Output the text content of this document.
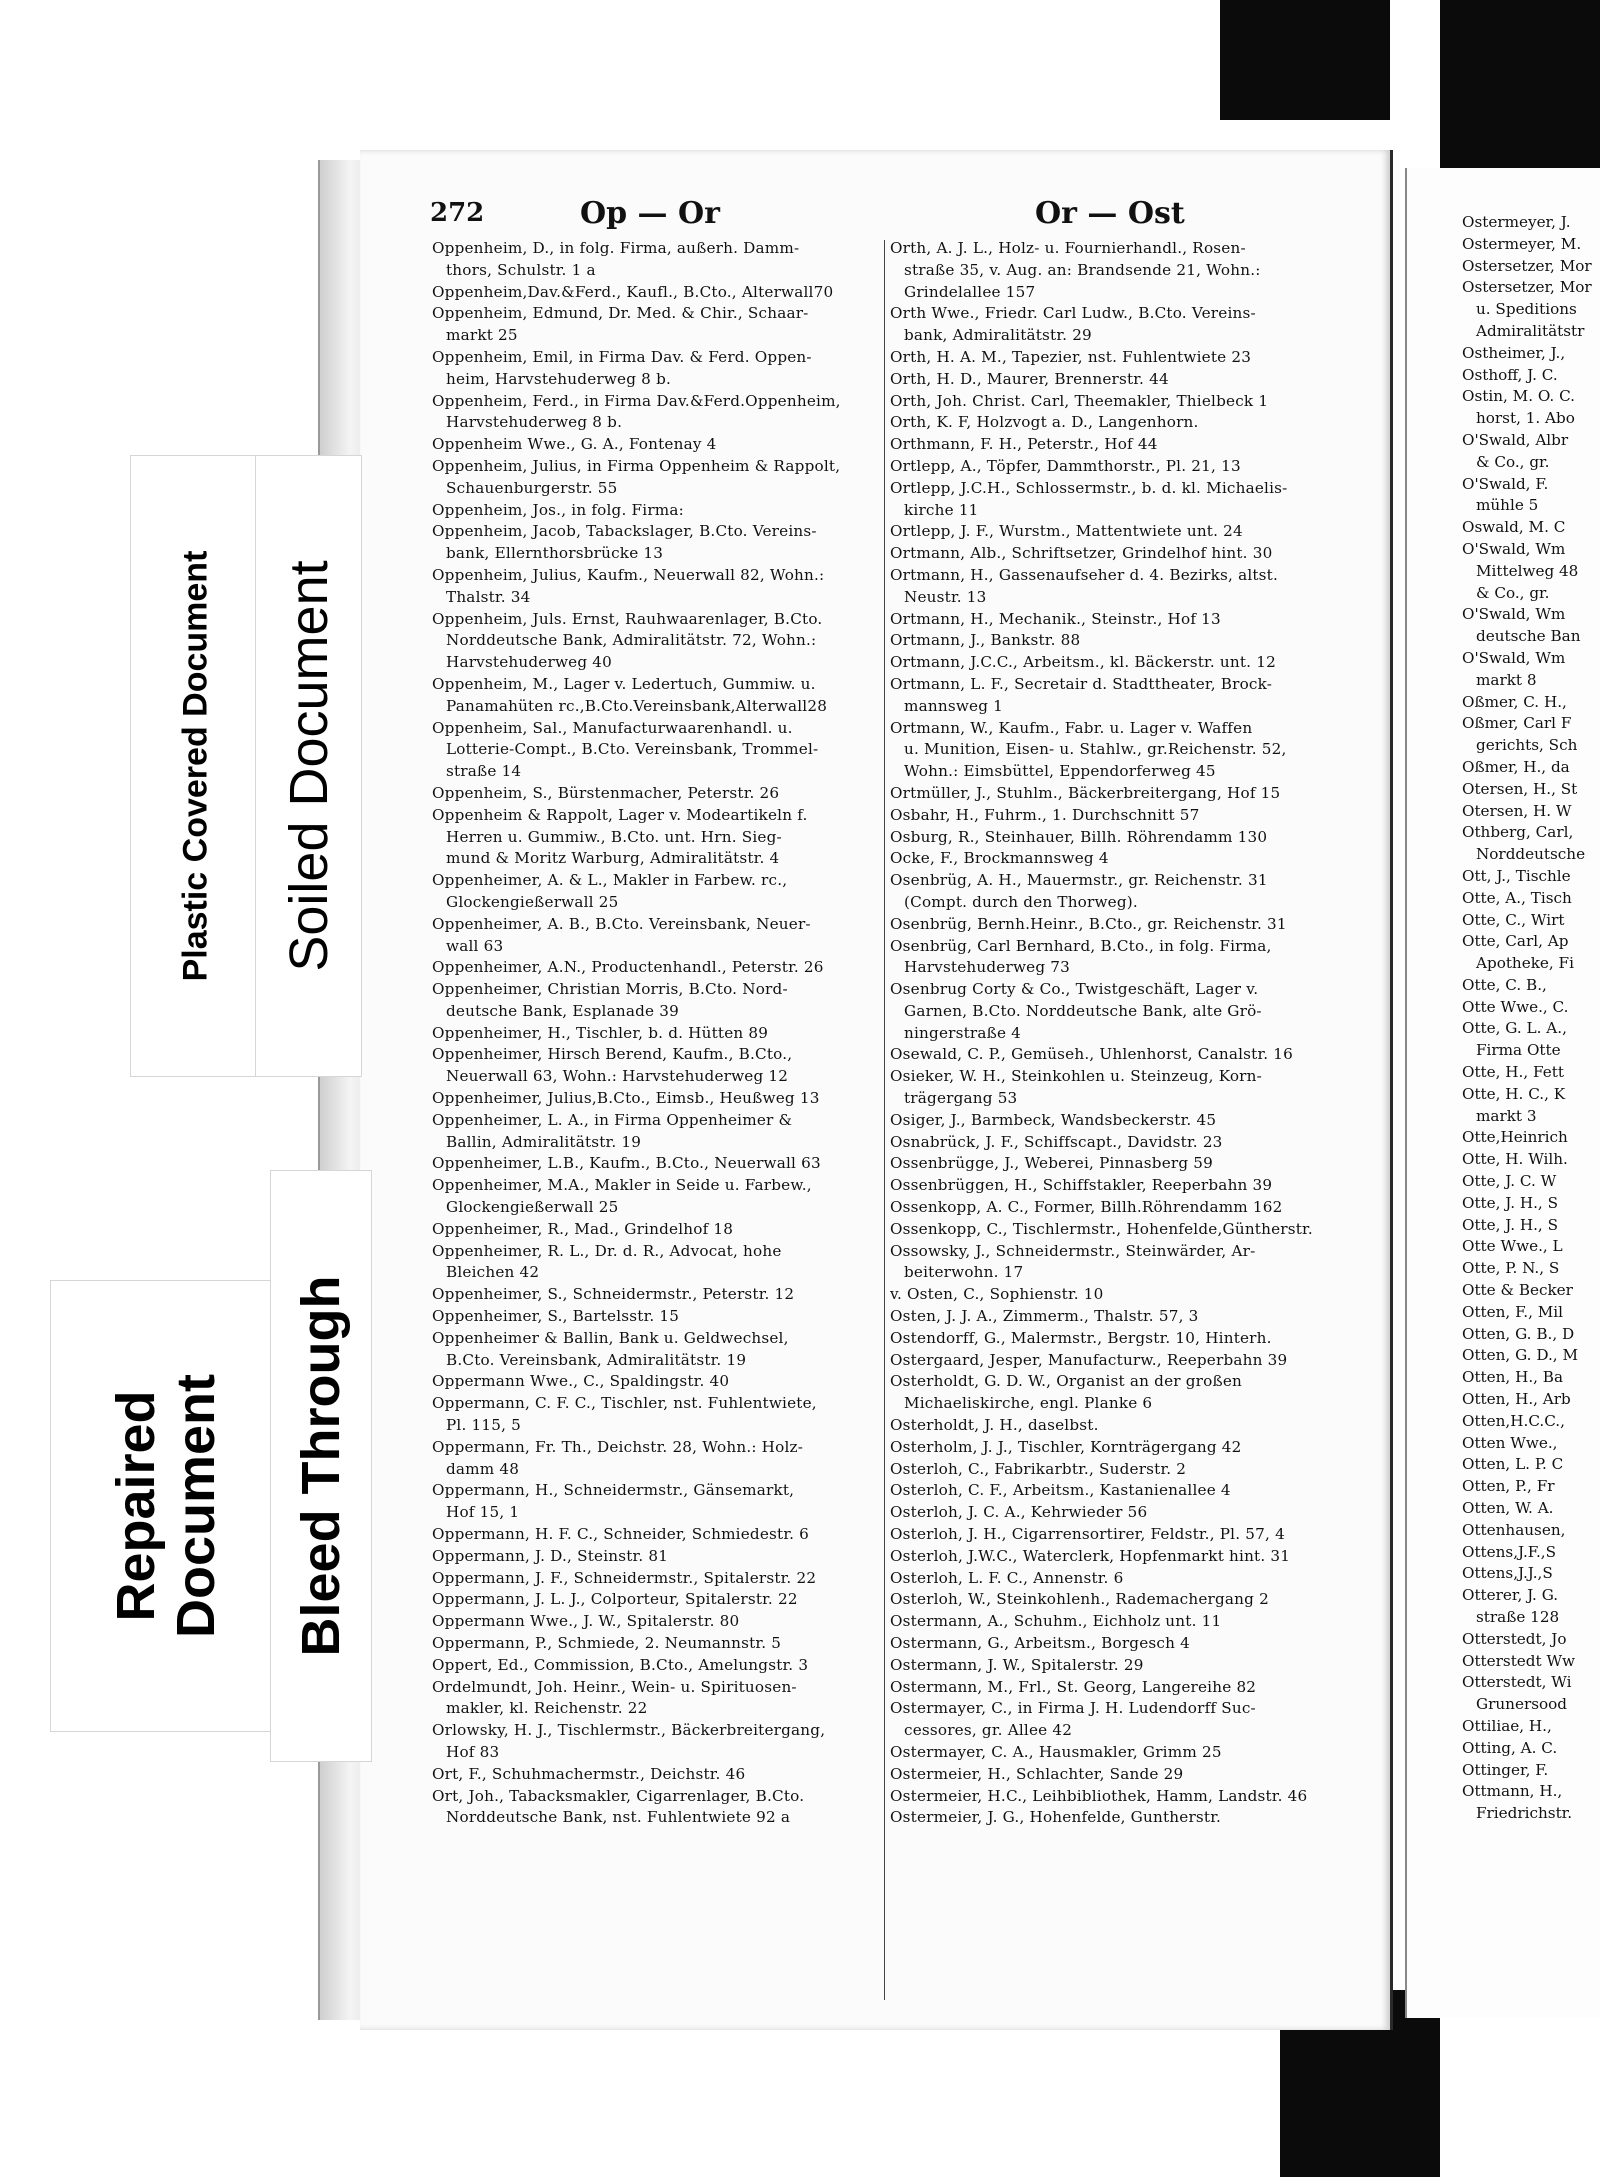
272	Op — Or	Or — Ost
Oppenheim, D., in folg. Firma, außerh. Damm-
thors, Schulstr. 1 a
Oppenheim,Dav.&Ferd., Kaufl., B.Cto., Alterwall70
Oppenheim, Edmund, Dr. Med. & Chir., Schaar-
markt 25
Oppenheim, Emil, in Firma Dav. & Ferd. Oppen-
heim, Harvstehuderweg 8 b.
Oppenheim, Ferd., in Firma Dav.&Ferd.Oppenheim,
Harvstehuderweg 8 b.
Oppenheim Wwe., G. A., Fontenay 4
Oppenheim, Julius, in Firma Oppenheim & Rappolt,
Schauenburgerstr. 55
Oppenheim, Jos., in folg. Firma:
Oppenheim, Jacob, Tabackslager, B.Cto. Vereins-
bank, Ellernthorsbrücke 13
Oppenheim, Julius, Kaufm., Neuerwall 82, Wohn.:
Thalstr. 34
Oppenheim, Juls. Ernst, Rauhwaarenlager, B.Cto.
Norddeutsche Bank, Admiralitätstr. 72, Wohn.:
Harvstehuderweg 40
Oppenheim, M., Lager v. Ledertuch, Gummiw. u.
Panamahüten rc.,B.Cto.Vereinsbank,Alterwall28
Oppenheim, Sal., Manufacturwaarenhandl. u.
Lotterie-Compt., B.Cto. Vereinsbank, Trommel-
straße 14
Oppenheim, S., Bürstenmacher, Peterstr. 26
Oppenheim & Rappolt, Lager v. Modeartikeln f.
Herren u. Gummiw., B.Cto. unt. Hrn. Sieg-
mund & Moritz Warburg, Admiralitätstr. 4
Oppenheimer, A. & L., Makler in Farbew. rc.,
Glockengießerwall 25
Oppenheimer, A. B., B.Cto. Vereinsbank, Neuer-
wall 63
Oppenheimer, A.N., Productenhandl., Peterstr. 26
Oppenheimer, Christian Morris, B.Cto. Nord-
deutsche Bank, Esplanade 39
Oppenheimer, H., Tischler, b. d. Hütten 89
Oppenheimer, Hirsch Berend, Kaufm., B.Cto.,
Neuerwall 63, Wohn.: Harvstehuderweg 12
Oppenheimer, Julius,B.Cto., Eimsb., Heußweg 13
Oppenheimer, L. A., in Firma Oppenheimer &
Ballin, Admiralitätstr. 19
Oppenheimer, L.B., Kaufm., B.Cto., Neuerwall 63
Oppenheimer, M.A., Makler in Seide u. Farbew.,
Glockengießerwall 25
Oppenheimer, R., Mad., Grindelhof 18
Oppenheimer, R. L., Dr. d. R., Advocat, hohe
Bleichen 42
Oppenheimer, S., Schneidermstr., Peterstr. 12
Oppenheimer, S., Bartelsstr. 15
Oppenheimer & Ballin, Bank u. Geldwechsel,
B.Cto. Vereinsbank, Admiralitätstr. 19
Oppermann Wwe., C., Spaldingstr. 40
Oppermann, C. F. C., Tischler, nst. Fuhlentwiete,
Pl. 115, 5
Oppermann, Fr. Th., Deichstr. 28, Wohn.: Holz-
damm 48
Oppermann, H., Schneidermstr., Gänsemarkt,
Hof 15, 1
Oppermann, H. F. C., Schneider, Schmiedestr. 6
Oppermann, J. D., Steinstr. 81
Oppermann, J. F., Schneidermstr., Spitalerstr. 22
Oppermann, J. L. J., Colporteur, Spitalerstr. 22
Oppermann Wwe., J. W., Spitalerstr. 80
Oppermann, P., Schmiede, 2. Neumannstr. 5
Oppert, Ed., Commission, B.Cto., Amelungstr. 3
Ordelmundt, Joh. Heinr., Wein- u. Spirituosen-
makler, kl. Reichenstr. 22
Orlowsky, H. J., Tischlermstr., Bäckerbreitergang,
Hof 83
Ort, F., Schuhmachermstr., Deichstr. 46
Ort, Joh., Tabacksmakler, Cigarrenlager, B.Cto.
Norddeutsche Bank, nst. Fuhlentwiete 92 a
Orth, A. J. L., Holz- u. Fournierhandl., Rosen-
straße 35, v. Aug. an: Brandsende 21, Wohn.:
Grindelallee 157
Orth Wwe., Friedr. Carl Ludw., B.Cto. Vereins-
bank, Admiralitätstr. 29
Orth, H. A. M., Tapezier, nst. Fuhlentwiete 23
Orth, H. D., Maurer, Brennerstr. 44
Orth, Joh. Christ. Carl, Theemakler, Thielbeck 1
Orth, K. F, Holzvogt a. D., Langenhorn.
Orthmann, F. H., Peterstr., Hof 44
Ortlepp, A., Töpfer, Dammthorstr., Pl. 21, 13
Ortlepp, J.C.H., Schlossermstr., b. d. kl. Michaelis-
kirche 11
Ortlepp, J. F., Wurstm., Mattentwiete unt. 24
Ortmann, Alb., Schriftsetzer, Grindelhof hint. 30
Ortmann, H., Gassenaufseher d. 4. Bezirks, altst.
Neustr. 13
Ortmann, H., Mechanik., Steinstr., Hof 13
Ortmann, J., Bankstr. 88
Ortmann, J.C.C., Arbeitsm., kl. Bäckerstr. unt. 12
Ortmann, L. F., Secretair d. Stadttheater, Brock-
mannsweg 1
Ortmann, W., Kaufm., Fabr. u. Lager v. Waffen
u. Munition, Eisen- u. Stahlw., gr.Reichenstr. 52,
Wohn.: Eimsbüttel, Eppendorferweg 45
Ortmüller, J., Stuhlm., Bäckerbreitergang, Hof 15
Osbahr, H., Fuhrm., 1. Durchschnitt 57
Osburg, R., Steinhauer, Billh. Röhrendamm 130
Ocke, F., Brockmannsweg 4
Osenbrüg, A. H., Mauermstr., gr. Reichenstr. 31
(Compt. durch den Thorweg).
Osenbrüg, Bernh.Heinr., B.Cto., gr. Reichenstr. 31
Osenbrüg, Carl Bernhard, B.Cto., in folg. Firma,
Harvstehuderweg 73
Osenbrug Corty & Co., Twistgeschäft, Lager v.
Garnen, B.Cto. Norddeutsche Bank, alte Grö-
ningerstraße 4
Osewald, C. P., Gemüseh., Uhlenhorst, Canalstr. 16
Osieker, W. H., Steinkohlen u. Steinzeug, Korn-
trägergang 53
Osiger, J., Barmbeck, Wandsbeckerstr. 45
Osnabrück, J. F., Schiffscapt., Davidstr. 23
Ossenbrügge, J., Weberei, Pinnasberg 59
Ossenbrüggen, H., Schiffstakler, Reeperbahn 39
Ossenkopp, A. C., Former, Billh.Röhrendamm 162
Ossenkopp, C., Tischlermstr., Hohenfelde,Güntherstr.
Ossowsky, J., Schneidermstr., Steinwärder, Ar-
beiterwohn. 17
v. Osten, C., Sophienstr. 10
Osten, J. J. A., Zimmerm., Thalstr. 57, 3
Ostendorff, G., Malermstr., Bergstr. 10, Hinterh.
Ostergaard, Jesper, Manufacturw., Reeperbahn 39
Osterholdt, G. D. W., Organist an der großen
Michaeliskirche, engl. Planke 6
Osterholdt, J. H., daselbst.
Osterholm, J. J., Tischler, Kornträgergang 42
Osterloh, C., Fabrikarbtr., Suderstr. 2
Osterloh, C. F., Arbeitsm., Kastanienallee 4
Osterloh, J. C. A., Kehrwieder 56
Osterloh, J. H., Cigarrensortirer, Feldstr., Pl. 57, 4
Osterloh, J.W.C., Waterclerk, Hopfenmarkt hint. 31
Osterloh, L. F. C., Annenstr. 6
Osterloh, W., Steinkohlenh., Rademachergang 2
Ostermann, A., Schuhm., Eichholz unt. 11
Ostermann, G., Arbeitsm., Borgesch 4
Ostermann, J. W., Spitalerstr. 29
Ostermann, M., Frl., St. Georg, Langereihe 82
Ostermayer, C., in Firma J. H. Ludendorff Suc-
cessores, gr. Allee 42
Ostermayer, C. A., Hausmakler, Grimm 25
Ostermeier, H., Schlachter, Sande 29
Ostermeier, H.C., Leihbibliothek, Hamm, Landstr. 46
Ostermeier, J. G., Hohenfelde, Guntherstr.
Ostermeyer, J.
Ostermeyer, M.
Ostersetzer, Mor
Ostersetzer, Mor
u. Speditions
Admiralitätstr
Ostheimer, J.,
Osthoff, J. C.
Ostin, M. O. C.
horst, 1. Abo
O'Swald, Albr
& Co., gr.
O'Swald, F.
mühle 5
Oswald, M. C
O'Swald, Wm
Mittelweg 48
& Co., gr.
O'Swald, Wm
deutsche Ban
O'Swald, Wm
markt 8
Oßmer, C. H.,
Oßmer, Carl F
gerichts, Sch
Oßmer, H., da
Otersen, H., St
Otersen, H. W
Othberg, Carl,
Norddeutsche
Ott, J., Tischle
Otte, A., Tisch
Otte, C., Wirt
Otte, Carl, Ap
Apotheke, Fi
Otte, C. B.,
Otte Wwe., C.
Otte, G. L. A.,
Firma Otte
Otte, H., Fett
Otte, H. C., K
markt 3
Otte,Heinrich
Otte, H. Wilh.
Otte, J. C. W
Otte, J. H., S
Otte, J. H., S
Otte Wwe., L
Otte, P. N., S
Otte & Becker
Otten, F., Mil
Otten, G. B., D
Otten, G. D., M
Otten, H., Ba
Otten, H., Arb
Otten,H.C.C.,
Otten Wwe.,
Otten, L. P. C
Otten, P., Fr
Otten, W. A.
Ottenhausen,
Ottens,J.F.,S
Ottens,J.J.,S
Otterer, J. G.
straße 128
Otterstedt, Jo
Otterstedt Ww
Otterstedt, Wi
Grunersood
Ottiliae, H.,
Otting, A. C.
Ottinger, F.
Ottmann, H.,
Friedrichstr.
Plastic Covered Document Soiled Document
Repaired Document Bleed Through
